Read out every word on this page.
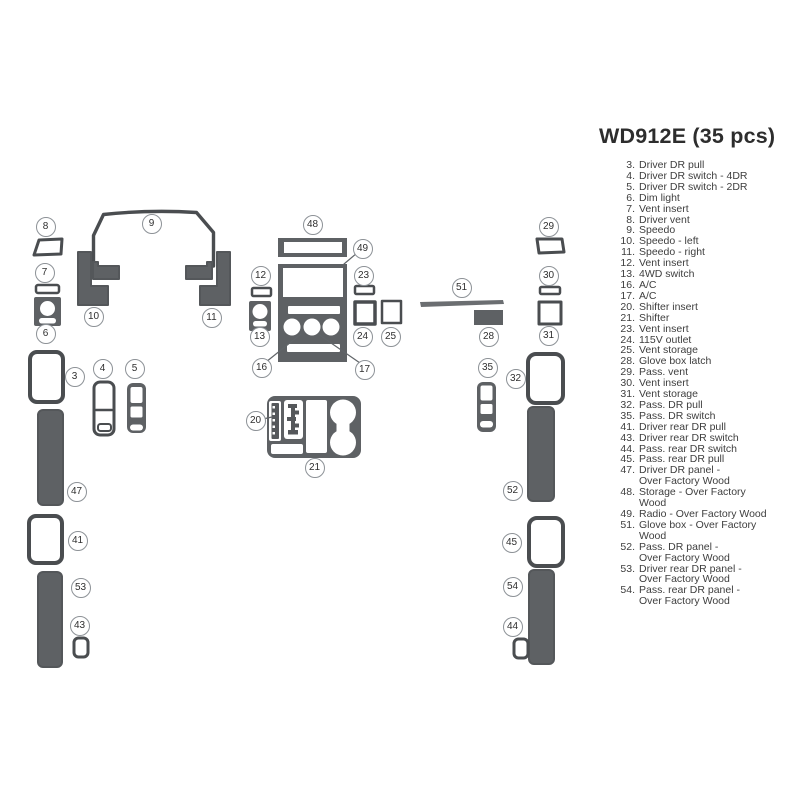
3
4	5
6
7
8	9
10	11
12
13
16	17
20
21
23
24	25	28
29
30
31
32
35
41
43	44
45
47
48
49
51
52
53	54
WD912E (35 pcs)
3. Driver DR pull
4. Driver DR switch - 4DR
5. Driver DR switch - 2DR
6. Dim light
7. Vent insert
8. Driver vent
9. Speedo
10. Speedo - left
11. Speedo - right
12. Vent insert
13. 4WD switch
16. A/C
17. A/C
20. Shifter insert
21. Shifter
23. Vent insert
24. 115V outlet
25. Vent storage
28. Glove box latch
29. Pass. vent
30. Vent insert
31. Vent storage
32. Pass. DR pull
35. Pass. DR switch
41. Driver rear DR pull
43. Driver rear DR switch
44. Pass. rear DR switch
45. Pass. rear DR pull
47. Driver DR panel -
Over Factory Wood
48. Storage - Over Factory
Wood
49. Radio - Over Factory Wood
51. Glove box - Over Factory
Wood
52. Pass. DR panel -
Over Factory Wood
53. Driver rear DR panel -
Over Factory Wood
54. Pass. rear DR panel -
Over Factory Wood
